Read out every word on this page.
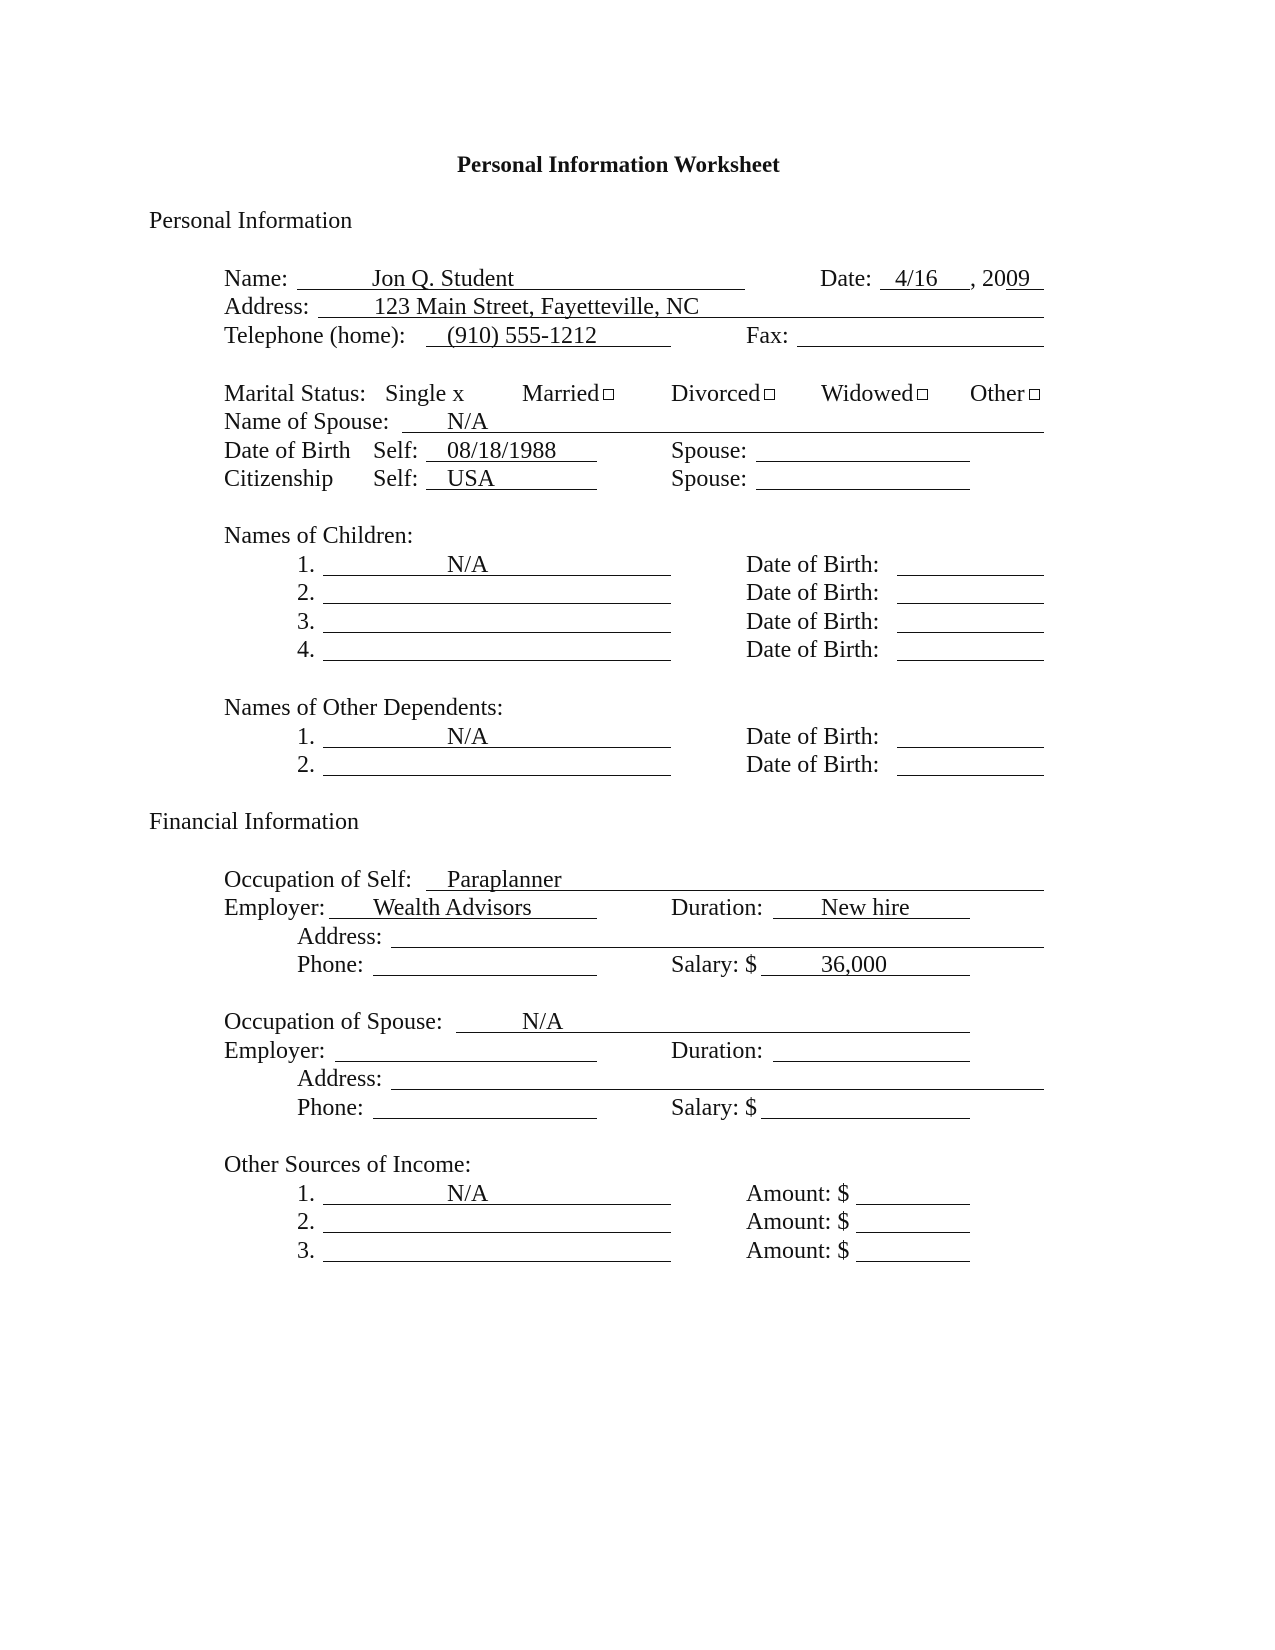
Personal Information Worksheet
Personal Information
Name:	Jon Q. Student	Date: 4/16 , 2009
Address:	123 Main Street, Fayetteville, NC
Telephone (home): (910) 555-1212	Fax:
Marital Status: Single x Married	Divorced	Widowed	Other
Name of Spouse: N/A
Date of Birth Self: 08/18/1988	Spouse:
Citizenship Self: USA	Spouse:
Names of Children:
1.	N/A	Date of Birth:
2.	Date of Birth:
3.	Date of Birth:
4.	Date of Birth:
Names of Other Dependents:
1.	N/A	Date of Birth:
2.	Date of Birth:
Financial Information
Occupation of Self: Paraplanner
Employer: Wealth Advisors	Duration: New hire
Address:
Phone:	Salary: $	36,000
Occupation of Spouse:	N/A
Employer:	Duration:
Address:
Phone:	Salary: $
Other Sources of Income:
1.	N/A	Amount: $
2.	Amount: $
3.	Amount: $
